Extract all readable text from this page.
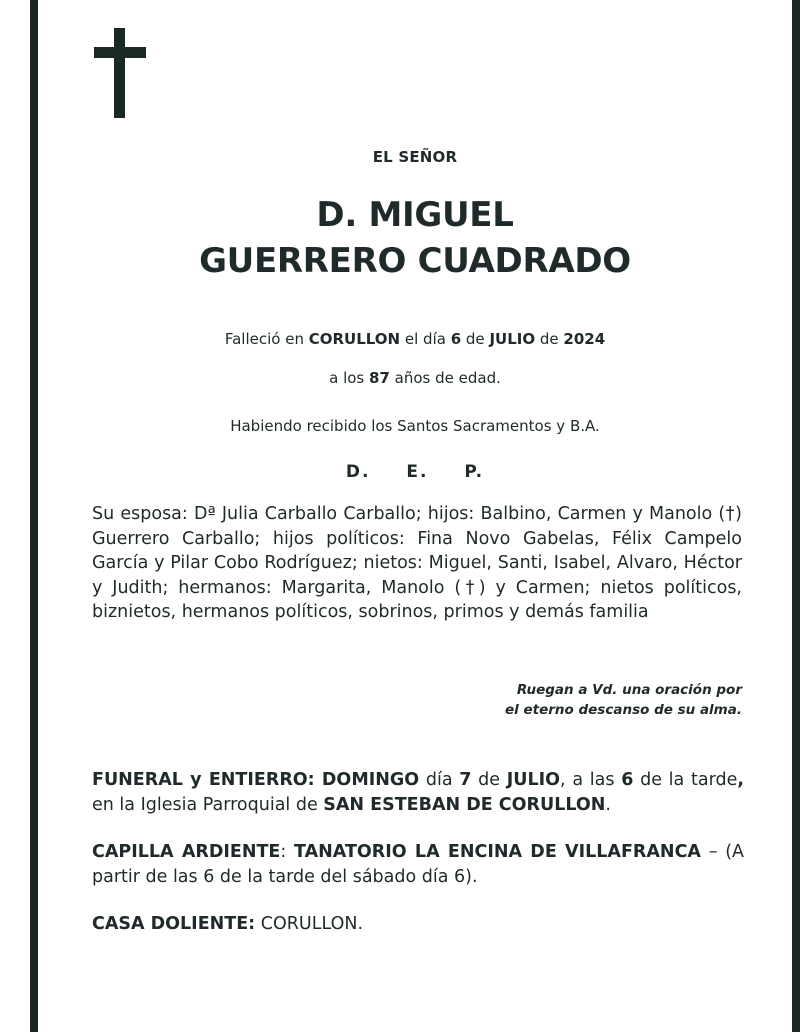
EL SEÑOR
D. MIGUEL
GUERRERO CUADRADO
Falleció en CORULLON el día 6 de JULIO de 2024
a los 87 años de edad.
Habiendo recibido los Santos Sacramentos y B.A.
D. E. P.
Su esposa: Dª Julia Carballo Carballo; hijos: Balbino, Carmen y Manolo (†) Guerrero Carballo; hijos políticos: Fina Novo Gabelas, Félix Campelo García y Pilar Cobo Rodríguez; nietos: Miguel, Santi, Isabel, Alvaro, Héctor y Judith; hermanos: Margarita, Manolo (†) y Carmen; nietos políticos, biznietos, hermanos políticos, sobrinos, primos y demás familia
Ruegan a Vd. una oración por
el eterno descanso de su alma.
FUNERAL y ENTIERRO: DOMINGO día 7 de JULIO, a las 6 de la tarde, en la Iglesia Parroquial de SAN ESTEBAN DE CORULLON.
CAPILLA ARDIENTE: TANATORIO LA ENCINA DE VILLAFRANCA – (A partir de las 6 de la tarde del sábado día 6).
CASA DOLIENTE: CORULLON.
